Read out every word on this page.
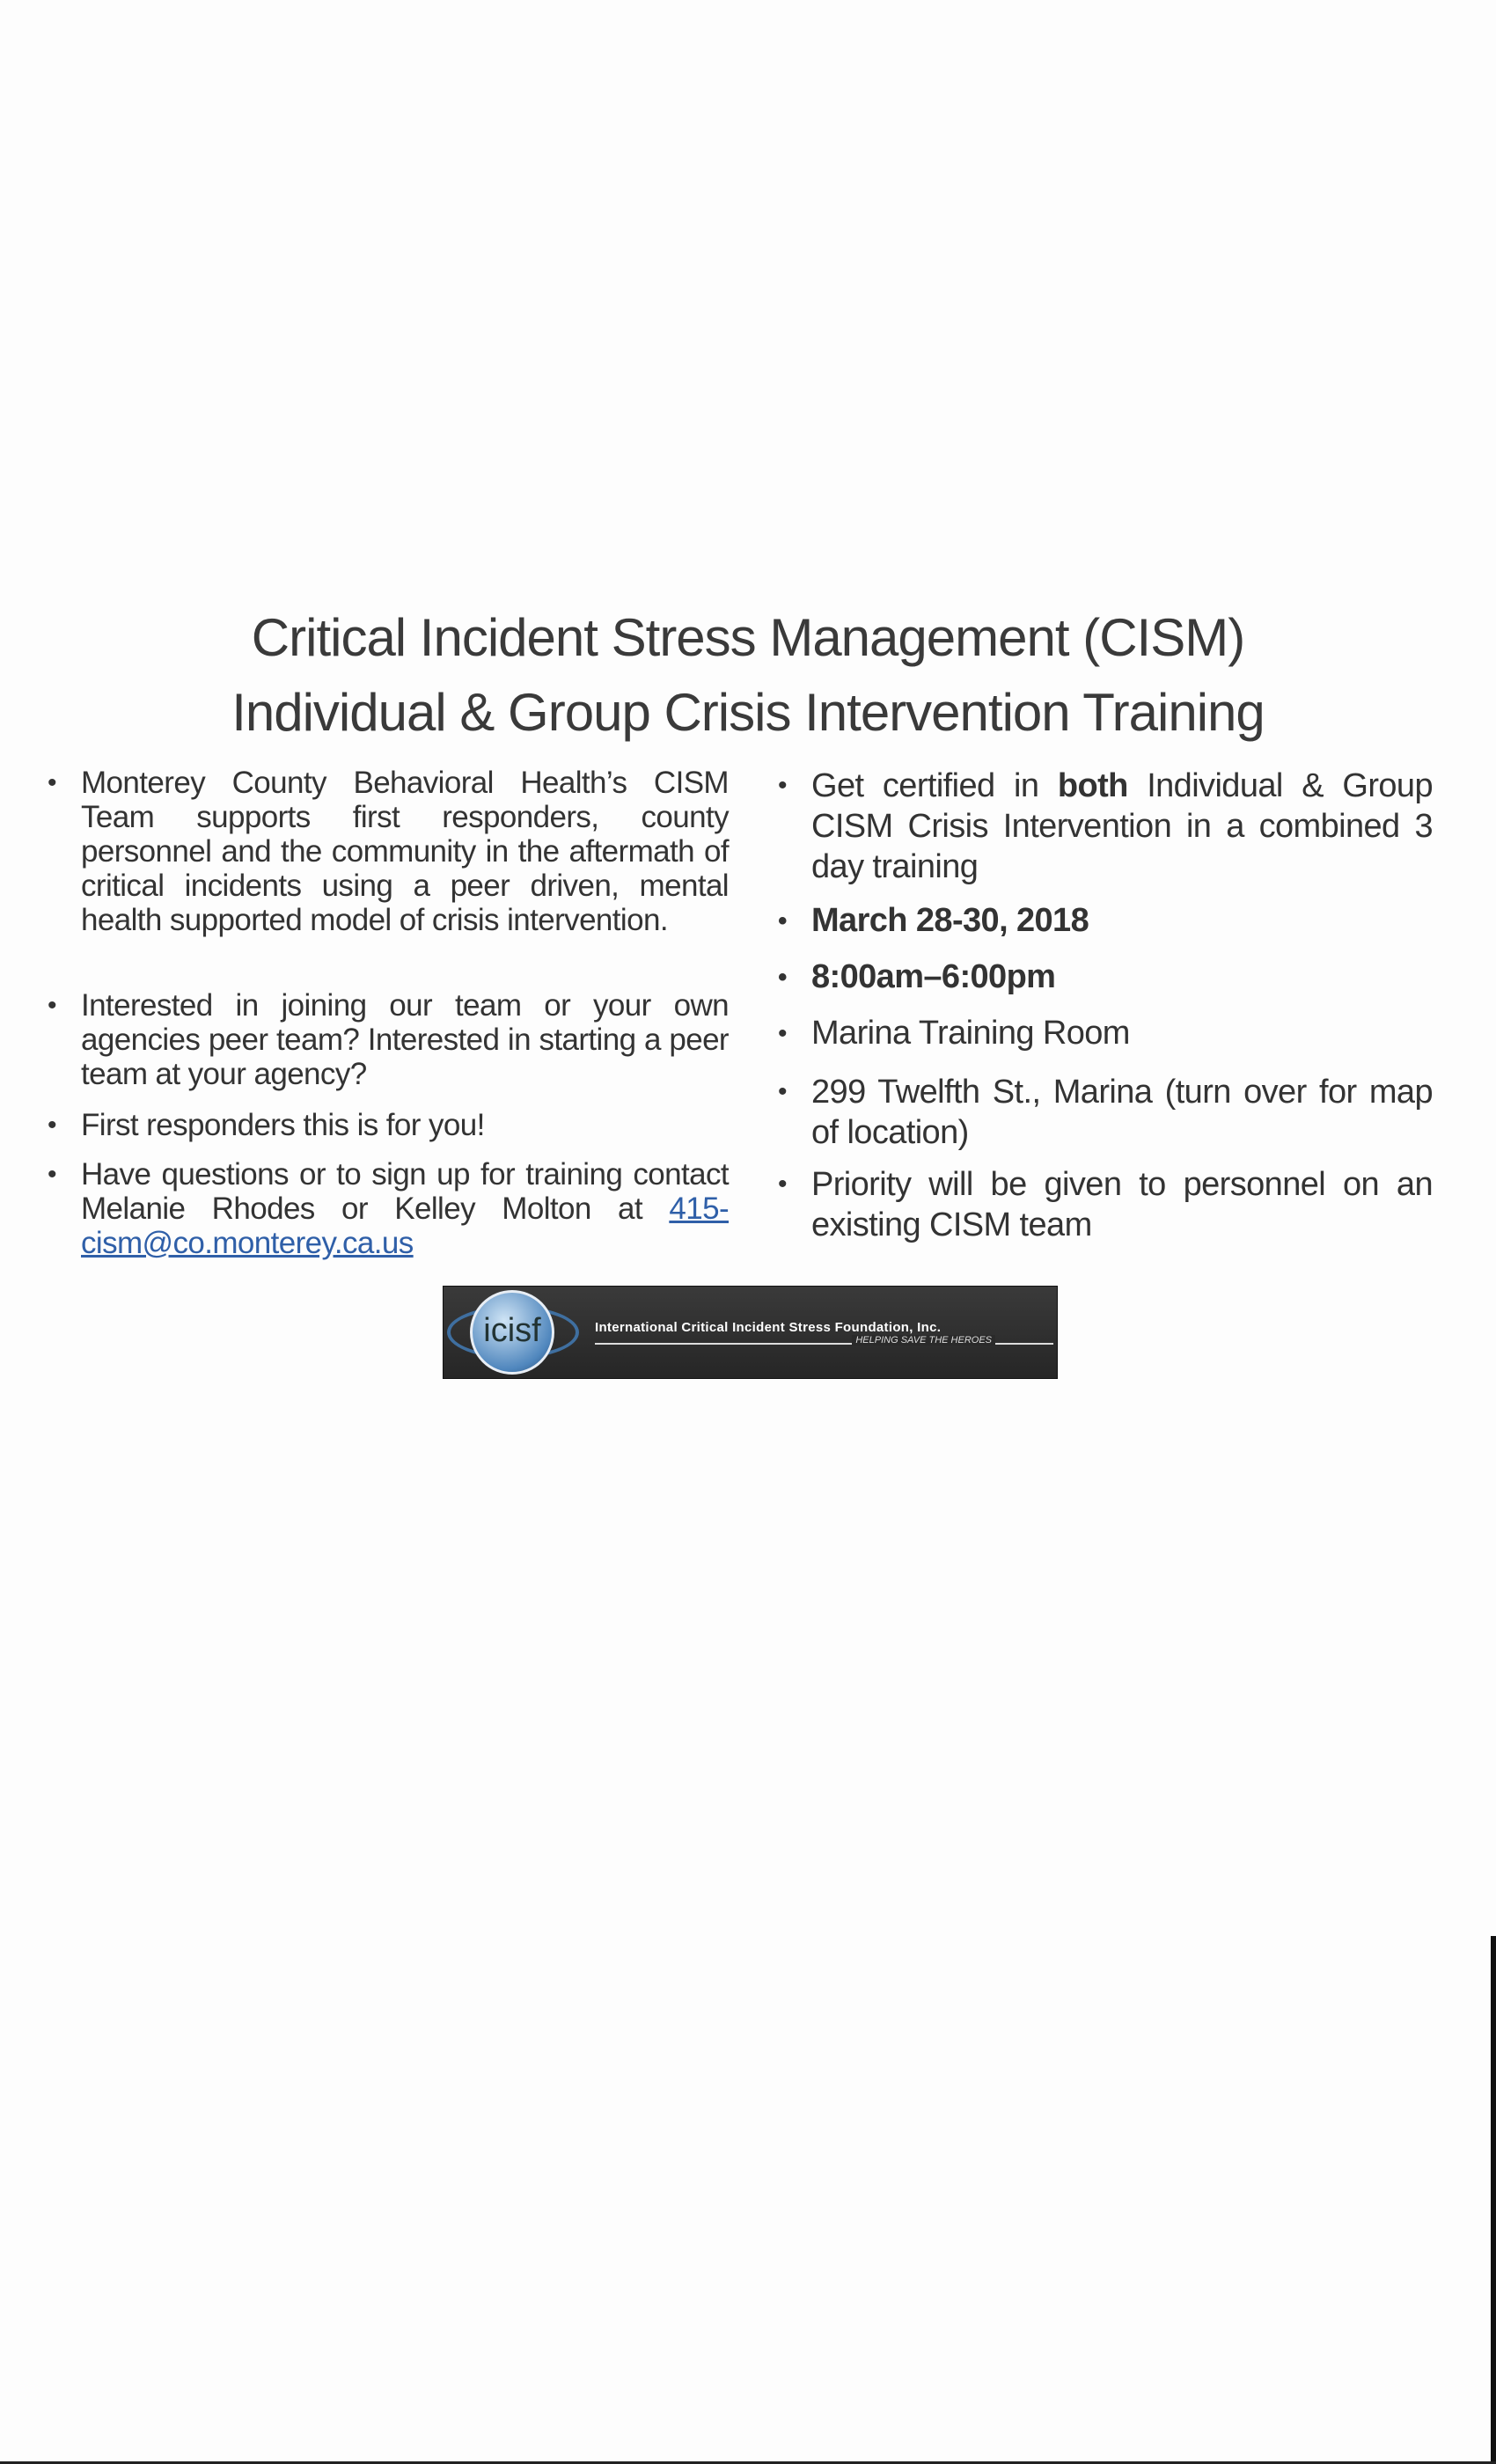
Critical Incident Stress Management (CISM)
Individual & Group Crisis Intervention Training
• Monterey County Behavioral Health’s CISM Team supports first responders, county personnel and the community in the aftermath of critical incidents using a peer driven, mental health supported model of crisis intervention.
• Interested in joining our team or your own agencies peer team? Interested in starting a peer team at your agency?
• First responders this is for you!
• Have questions or to sign up for training contact Melanie Rhodes or Kelley Molton at 415-cism@co.monterey.ca.us
• Get certified in both Individual & Group CISM Crisis Intervention in a combined 3 day training
• March 28-30, 2018
• 8:00am–6:00pm
• Marina Training Room
• 299 Twelfth St., Marina (turn over for map of location)
• Priority will be given to personnel on an existing CISM team
icisf	International Critical Incident Stress Foundation, Inc.
HELPING SAVE THE HEROES
